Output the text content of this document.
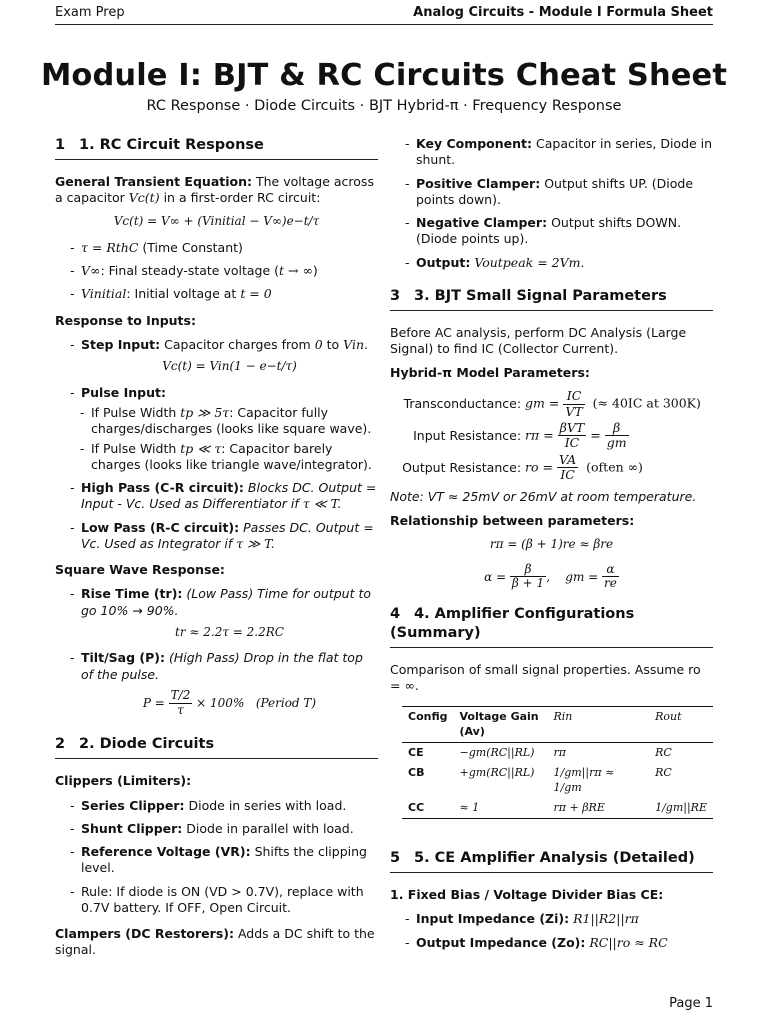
Exam Prep	Analog Circuits - Module I Formula Sheet
Module I: BJT & RC Circuits Cheat Sheet
RC Response · Diode Circuits · BJT Hybrid-π · Frequency Response
1 1. RC Circuit Response

General Transient Equation: The voltage across a capacitor Vc(t) in a first-order RC circuit:

Vc(t) = V∞ + (Vinitial − V∞)e−t/τ
- τ = RthC (Time Constant)
- V∞: Final steady-state voltage (t → ∞)
- Vinitial: Initial voltage at t = 0

Response to Inputs:

- Step Input: Capacitor charges from 0 to Vin.
Vc(t) = Vin(1 − e−t/τ)
- Pulse Input:
- If Pulse Width tp ≫ 5τ: Capacitor fully charges/discharges (looks like square wave).
- If Pulse Width tp ≪ τ: Capacitor barely charges (looks like triangle wave/integrator).
- High Pass (C-R circuit): Blocks DC. Output = Input - Vc. Used as Differentiator if τ ≪ T.
- Low Pass (R-C circuit): Passes DC. Output = Vc. Used as Integrator if τ ≫ T.

Square Wave Response:

- Rise Time (tr): (Low Pass) Time for output to go 10% → 90%.
tr ≈ 2.2τ = 2.2RC
- Tilt/Sag (P): (High Pass) Drop in the flat top of the pulse.
$P = \frac{T/2}{\tau} \times 100\%$ (Period T)
2 2. Diode Circuits

Clippers (Limiters):

- Series Clipper: Diode in series with load.
- Shunt Clipper: Diode in parallel with load.
- Reference Voltage (VR): Shifts the clipping level.
- Rule: If diode is ON (VD > 0.7V), replace with 0.7V battery. If OFF, Open Circuit.

Clampers (DC Restorers): Adds a DC shift to the signal.

- Key Component: Capacitor in series, Diode in shunt.
- Positive Clamper: Output shifts UP. (Diode points down).
- Negative Clamper: Output shifts DOWN. (Diode points up).
- Output: Voutpeak = 2Vm.
3 3. BJT Small Signal Parameters

Before AC analysis, perform DC Analysis (Large Signal) to find IC (Collector Current).

Hybrid-π Model Parameters:

Transconductance: gm = $\frac{IC}{VT}$ (≈ 40IC at 300K)
Input Resistance: $r\pi = \frac{\text{βVT}}{IC} = \frac{\beta}{gm}$
Output Resistance: ro = $\frac{VA}{IC}$ (often ∞)

Note: VT ≈ 25mV or 26mV at room temperature.

Relationship between parameters:

rπ = (β + 1)re ≈ βre
$\alpha = \frac{\beta}{\beta + 1}$ ,    gm = $\frac{\alpha}{re}$
4 4. Amplifier Configurations (Summary)

Comparison of small signal properties. Assume ro = ∞.

Config	Voltage Gain (Av)	Rin	Rout
CE	−gm(RC||RL)	rπ	RC
CB	+gm(RC||RL)	1/gm||rπ ≈ 1/gm	RC
CC	≈ 1	rπ + βRE	1/gm||RE
5 5. CE Amplifier Analysis (Detailed)

1. Fixed Bias / Voltage Divider Bias CE:

- Input Impedance (Zi): R1||R2||rπ
- Output Impedance (Zo): RC||ro ≈ RC
Page 1
